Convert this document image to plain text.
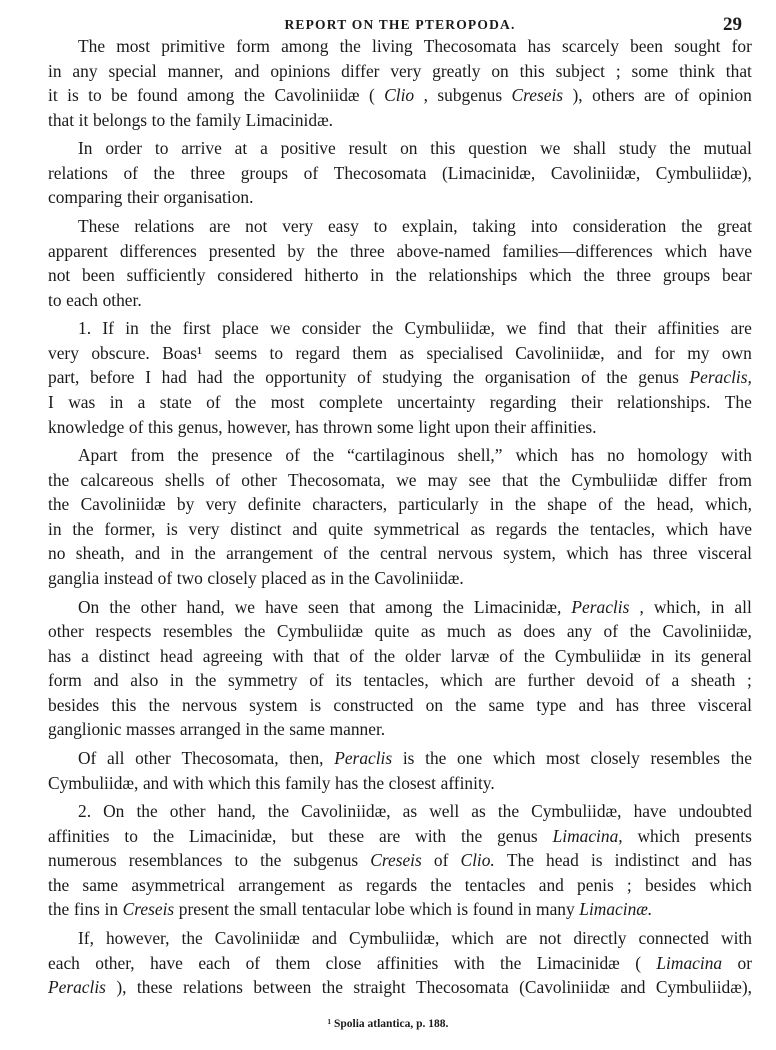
REPORT ON THE PTEROPODA.	29
The most primitive form among the living Thecosomata has scarcely been sought for
in any special manner, and opinions differ very greatly on this subject ; some think that
it is to be found among the Cavoliniidæ ( Clio , subgenus Creseis ), others are of opinion
that it belongs to the family Limacinidæ.
In order to arrive at a positive result on this question we shall study the mutual
relations of the three groups of Thecosomata (Limacinidæ, Cavoliniidæ, Cymbuliidæ),
comparing their organisation.
These relations are not very easy to explain, taking into consideration the great
apparent differences presented by the three above-named families—differences which have
not been sufficiently considered hitherto in the relationships which the three groups bear
to each other.
1. If in the first place we consider the Cymbuliidæ, we find that their affinities are
very obscure. Boas¹ seems to regard them as specialised Cavoliniidæ, and for my own
part, before I had had the opportunity of studying the organisation of the genus Peraclis,
I was in a state of the most complete uncertainty regarding their relationships. The
knowledge of this genus, however, has thrown some light upon their affinities.
Apart from the presence of the “cartilaginous shell,” which has no homology with
the calcareous shells of other Thecosomata, we may see that the Cymbuliidæ differ from
the Cavoliniidæ by very definite characters, particularly in the shape of the head, which,
in the former, is very distinct and quite symmetrical as regards the tentacles, which have
no sheath, and in the arrangement of the central nervous system, which has three visceral
ganglia instead of two closely placed as in the Cavoliniidæ.
On the other hand, we have seen that among the Limacinidæ, Peraclis , which, in all
other respects resembles the Cymbuliidæ quite as much as does any of the Cavoliniidæ,
has a distinct head agreeing with that of the older larvæ of the Cymbuliidæ in its general
form and also in the symmetry of its tentacles, which are further devoid of a sheath ;
besides this the nervous system is constructed on the same type and has three visceral
ganglionic masses arranged in the same manner.
Of all other Thecosomata, then, Peraclis is the one which most closely resembles the
Cymbuliidæ, and with which this family has the closest affinity.
2. On the other hand, the Cavoliniidæ, as well as the Cymbuliidæ, have undoubted
affinities to the Limacinidæ, but these are with the genus Limacina, which presents
numerous resemblances to the subgenus Creseis of Clio. The head is indistinct and has
the same asymmetrical arrangement as regards the tentacles and penis ; besides which
the fins in Creseis present the small tentacular lobe which is found in many Limacinæ.
If, however, the Cavoliniidæ and Cymbuliidæ, which are not directly connected with
each other, have each of them close affinities with the Limacinidæ ( Limacina or
Peraclis ), these relations between the straight Thecosomata (Cavoliniidæ and Cymbuliidæ),
¹ Spolia atlantica, p. 188.
